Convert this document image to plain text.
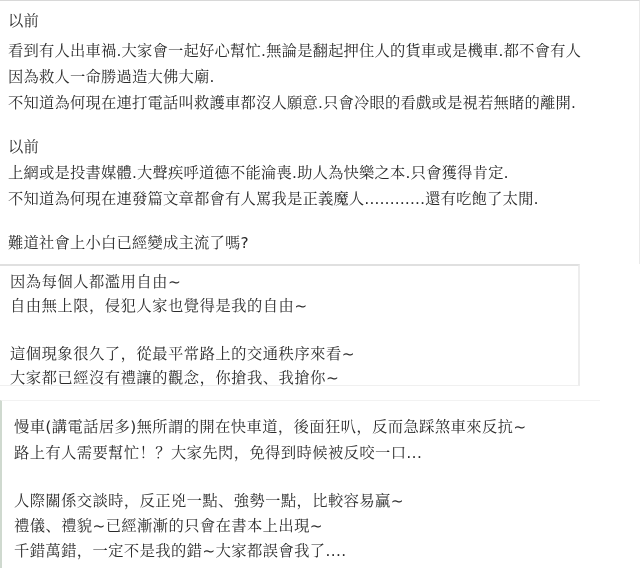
以前
看到有人出車禍.大家會一起好心幫忙.無論是翻起押住人的貨車或是機車.都不會有人
因為救人一命勝過造大佛大廟.
不知道為何現在連打電話叫救護車都沒人願意.只會冷眼的看戲或是視若無睹的離開.
以前
上網或是投書媒體.大聲疾呼道德不能淪喪.助人為快樂之本.只會獲得肯定.
不知道為何現在連發篇文章都會有人罵我是正義魔人............還有吃飽了太閒.
難道社會上小白已經變成主流了嗎?
因為每個人都濫用自由~
自由無上限，侵犯人家也覺得是我的自由~
這個現象很久了，從最平常路上的交通秩序來看~
大家都已經沒有禮讓的觀念，你搶我、我搶你~
慢車(講電話居多)無所謂的開在快車道，後面狂叭，反而急踩煞車來反抗~
路上有人需要幫忙！？大家先閃，免得到時候被反咬一口...
人際關係交談時，反正兇一點、強勢一點，比較容易贏~
禮儀、禮貌~已經漸漸的只會在書本上出現~
千錯萬錯，一定不是我的錯~大家都誤會我了....
